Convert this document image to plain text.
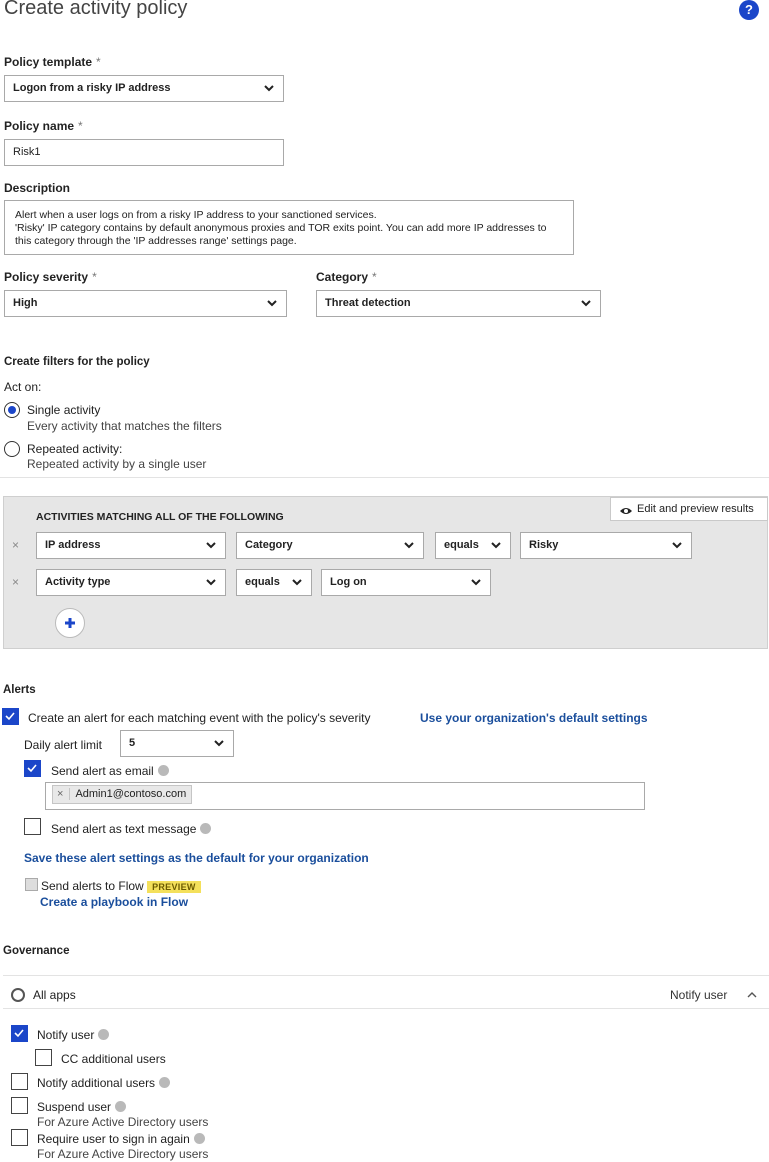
Create activity policy	?
Policy template *
Logon from a risky IP address
Policy name *
Risk1
Description
Alert when a user logs on from a risky IP address to your sanctioned services.
'Risky' IP category contains by default anonymous proxies and TOR exits point. You can add more IP addresses to
this category through the 'IP addresses range' settings page.
Policy severity *
High
Category *
Threat detection
Create filters for the policy
Act on:
Single activity
Every activity that matches the filters
Repeated activity:
Repeated activity by a single user
Edit and preview results
ACTIVITIES MATCHING ALL OF THE FOLLOWING
×	IP address	Category	equals	Risky
×	Activity type	equals	Log on
Alerts
Create an alert for each matching event with the policy's severity	Use your organization's default settings
Daily alert limit	5
Send alert as email
× Admin1@contoso.com
Send alert as text message
Save these alert settings as the default for your organization
Send alerts to Flow PREVIEW
Create a playbook in Flow
Governance
All apps	Notify user
Notify user
CC additional users
Notify additional users
Suspend user
For Azure Active Directory users
Require user to sign in again
For Azure Active Directory users
